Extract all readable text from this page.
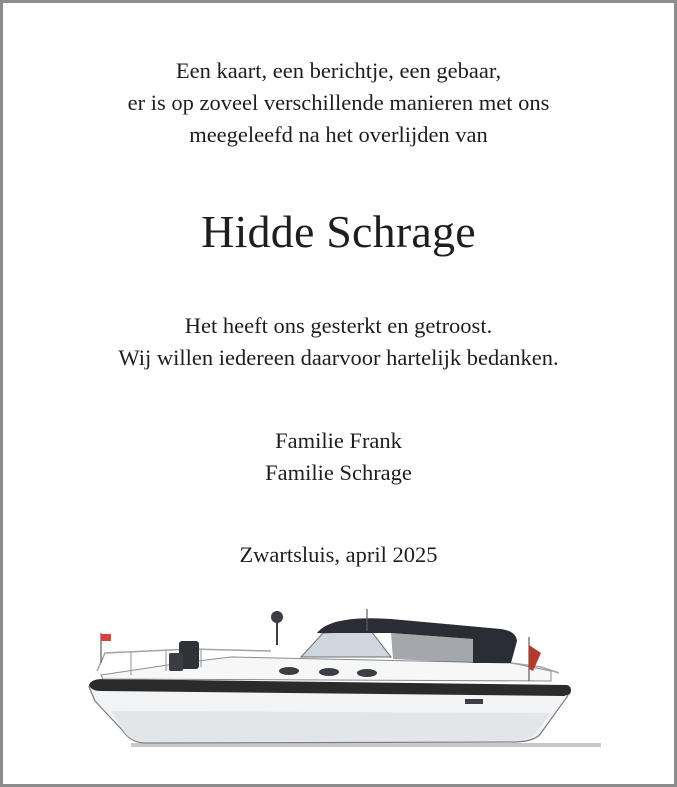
Een kaart, een berichtje, een gebaar,
er is op zoveel verschillende manieren met ons
meegeleefd na het overlijden van
Hidde Schrage
Het heeft ons gesterkt en getroost.
Wij willen iedereen daarvoor hartelijk bedanken.
Familie Frank
Familie Schrage
Zwartsluis, april 2025
